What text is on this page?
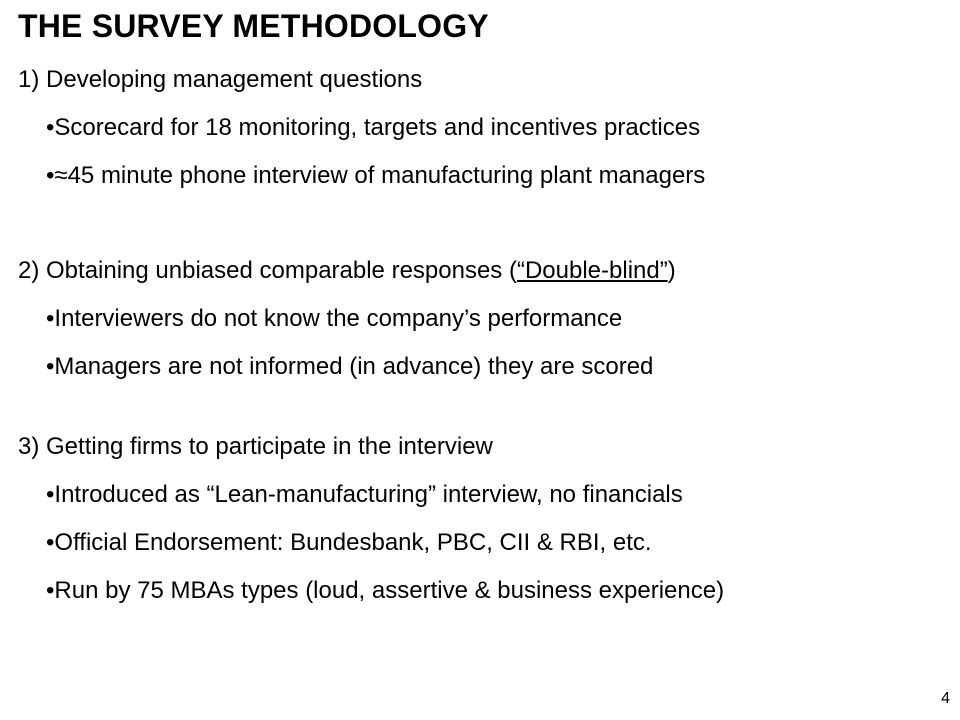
THE SURVEY METHODOLOGY
1) Developing management questions
•Scorecard for 18 monitoring, targets and incentives practices
•≈45 minute phone interview of manufacturing plant managers
2) Obtaining unbiased comparable responses (“Double-blind”)
•Interviewers do not know the company’s performance
•Managers are not informed (in advance) they are scored
3) Getting firms to participate in the interview
•Introduced as “Lean-manufacturing” interview, no financials
•Official Endorsement: Bundesbank, PBC, CII & RBI, etc.
•Run by 75 MBAs types (loud, assertive & business experience)
4
